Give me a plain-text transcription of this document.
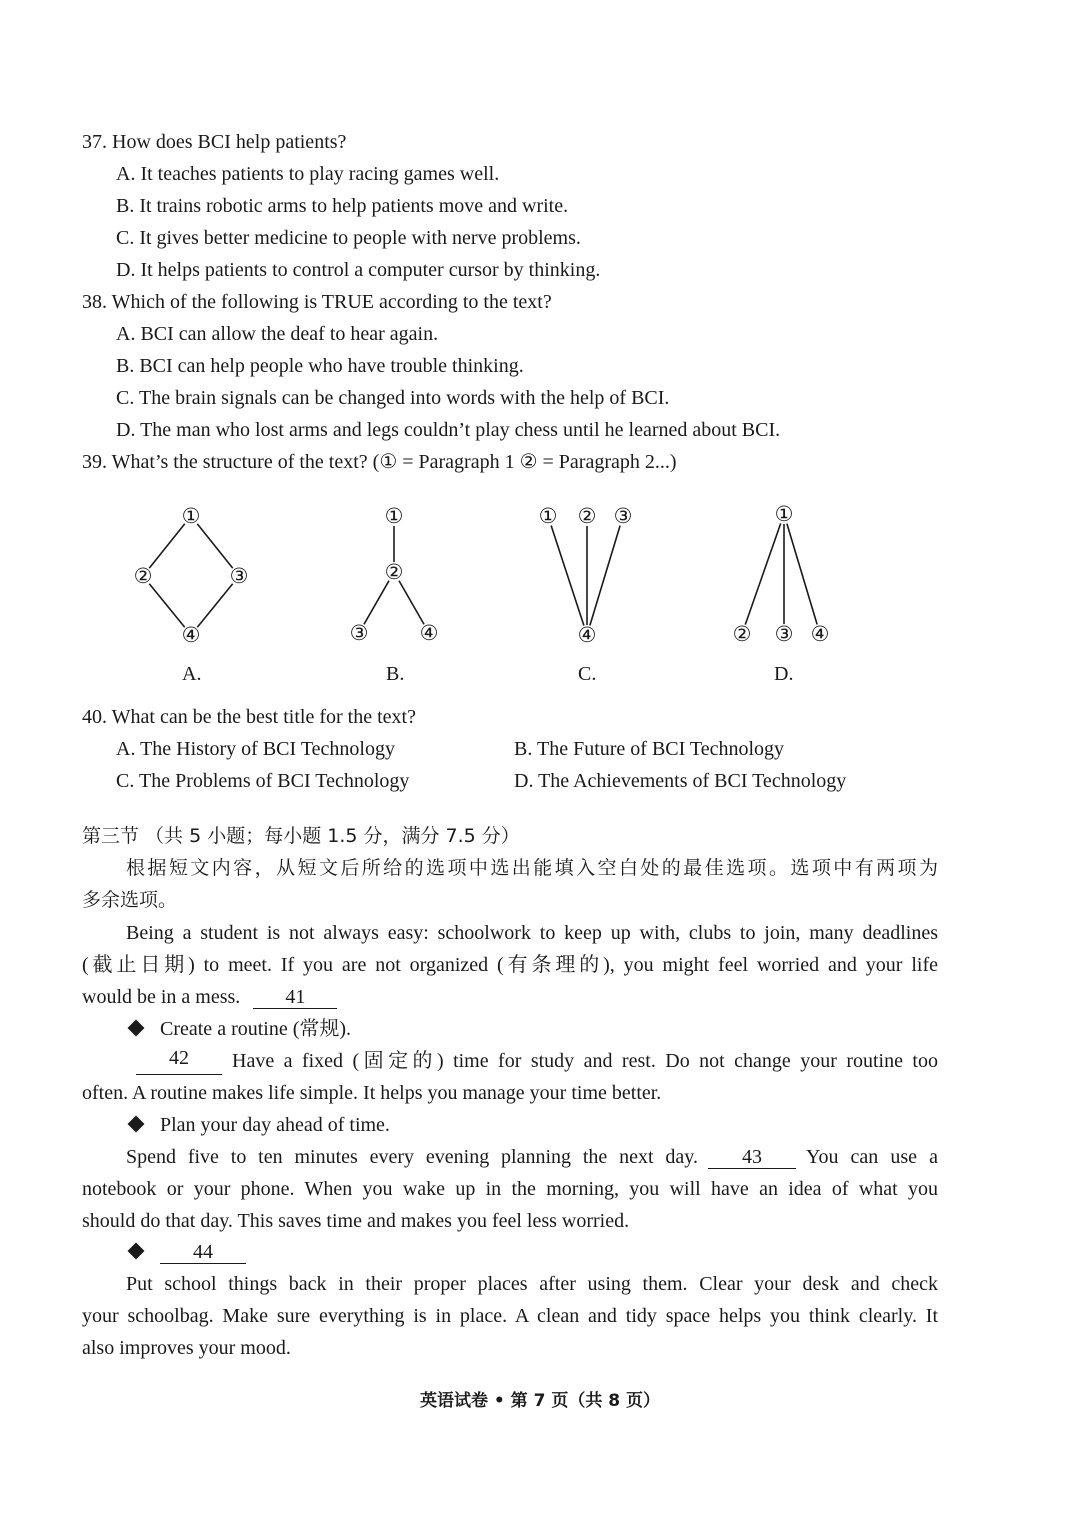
37. How does BCI help patients?
A. It teaches patients to play racing games well.
B. It trains robotic arms to help patients move and write.
C. It gives better medicine to people with nerve problems.
D. It helps patients to control a computer cursor by thinking.
38. Which of the following is TRUE according to the text?
A. BCI can allow the deaf to hear again.
B. BCI can help people who have trouble thinking.
C. The brain signals can be changed into words with the help of BCI.
D. The man who lost arms and legs couldn’t play chess until he learned about BCI.
39. What’s the structure of the text? (① = Paragraph 1 ② = Paragraph 2...)
①
②	③
④
①
②
③ ④
① ② ③
④
①
② ③ ④
A.	B.	C.	D.
40. What can be the best title for the text?
A. The History of BCI Technology	B. The Future of BCI Technology
C. The Problems of BCI Technology	D. The Achievements of BCI Technology
第三节 （共 5 小题；每小题 1.5 分，满分 7.5 分）
根据短文内容，从短文后所给的选项中选出能填入空白处的最佳选项。选项中有两项为
多余选项。
Being a student is not always easy: schoolwork to keep up with, clubs to join, many deadlines
(截止日期) to meet. If you are not organized (有条理的), you might feel worried and your life
would be in a mess. 41
Create a routine (常规).
42	Have a fixed (固定的) time for study and rest. Do not change your routine too
often. A routine makes life simple. It helps you manage your time better.
Plan your day ahead of time.
Spend five to ten minutes every evening planning the next day.	43	You can use a
notebook or your phone. When you wake up in the morning, you will have an idea of what you
should do that day. This saves time and makes you feel less worried.
44
Put school things back in their proper places after using them. Clear your desk and check
your schoolbag. Make sure everything is in place. A clean and tidy space helps you think clearly. It
also improves your mood.
英语试卷 • 第 7 页（共 8 页）
